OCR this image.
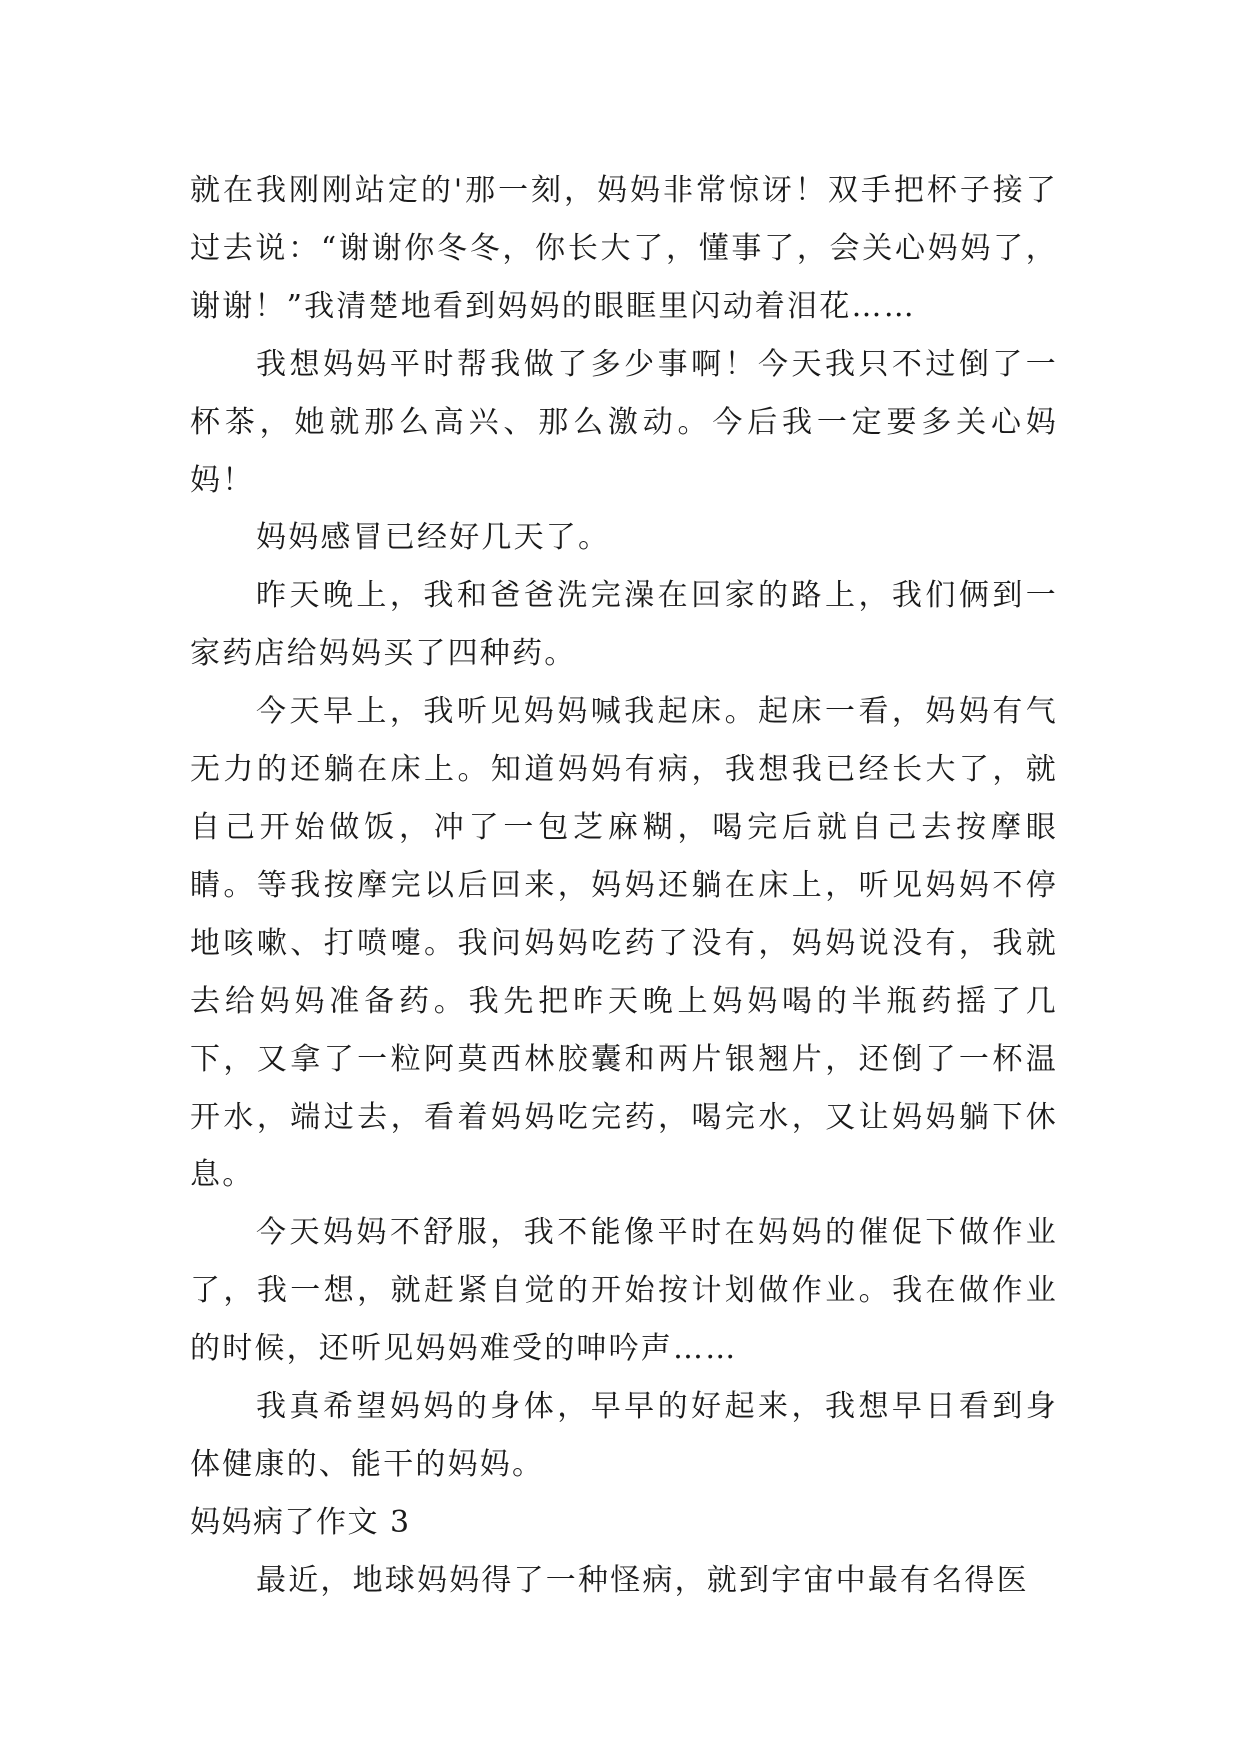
就在我刚刚站定的'那一刻，妈妈非常惊讶！双手把杯子接了过去说：“谢谢你冬冬，你长大了，懂事了，会关心妈妈了，谢谢！”我清楚地看到妈妈的眼眶里闪动着泪花……

我想妈妈平时帮我做了多少事啊！今天我只不过倒了一杯茶，她就那么高兴、那么激动。今后我一定要多关心妈妈！

妈妈感冒已经好几天了。

昨天晚上，我和爸爸洗完澡在回家的路上，我们俩到一家药店给妈妈买了四种药。

今天早上，我听见妈妈喊我起床。起床一看，妈妈有气无力的还躺在床上。知道妈妈有病，我想我已经长大了，就自己开始做饭，冲了一包芝麻糊，喝完后就自己去按摩眼睛。等我按摩完以后回来，妈妈还躺在床上，听见妈妈不停地咳嗽、打喷嚏。我问妈妈吃药了没有，妈妈说没有，我就去给妈妈准备药。我先把昨天晚上妈妈喝的半瓶药摇了几下，又拿了一粒阿莫西林胶囊和两片银翘片，还倒了一杯温开水，端过去，看着妈妈吃完药，喝完水，又让妈妈躺下休息。

今天妈妈不舒服，我不能像平时在妈妈的催促下做作业了，我一想，就赶紧自觉的开始按计划做作业。我在做作业的时候，还听见妈妈难受的呻吟声……

我真希望妈妈的身体，早早的好起来，我想早日看到身体健康的、能干的妈妈。

妈妈病了作文 3

最近，地球妈妈得了一种怪病，就到宇宙中最有名得医
